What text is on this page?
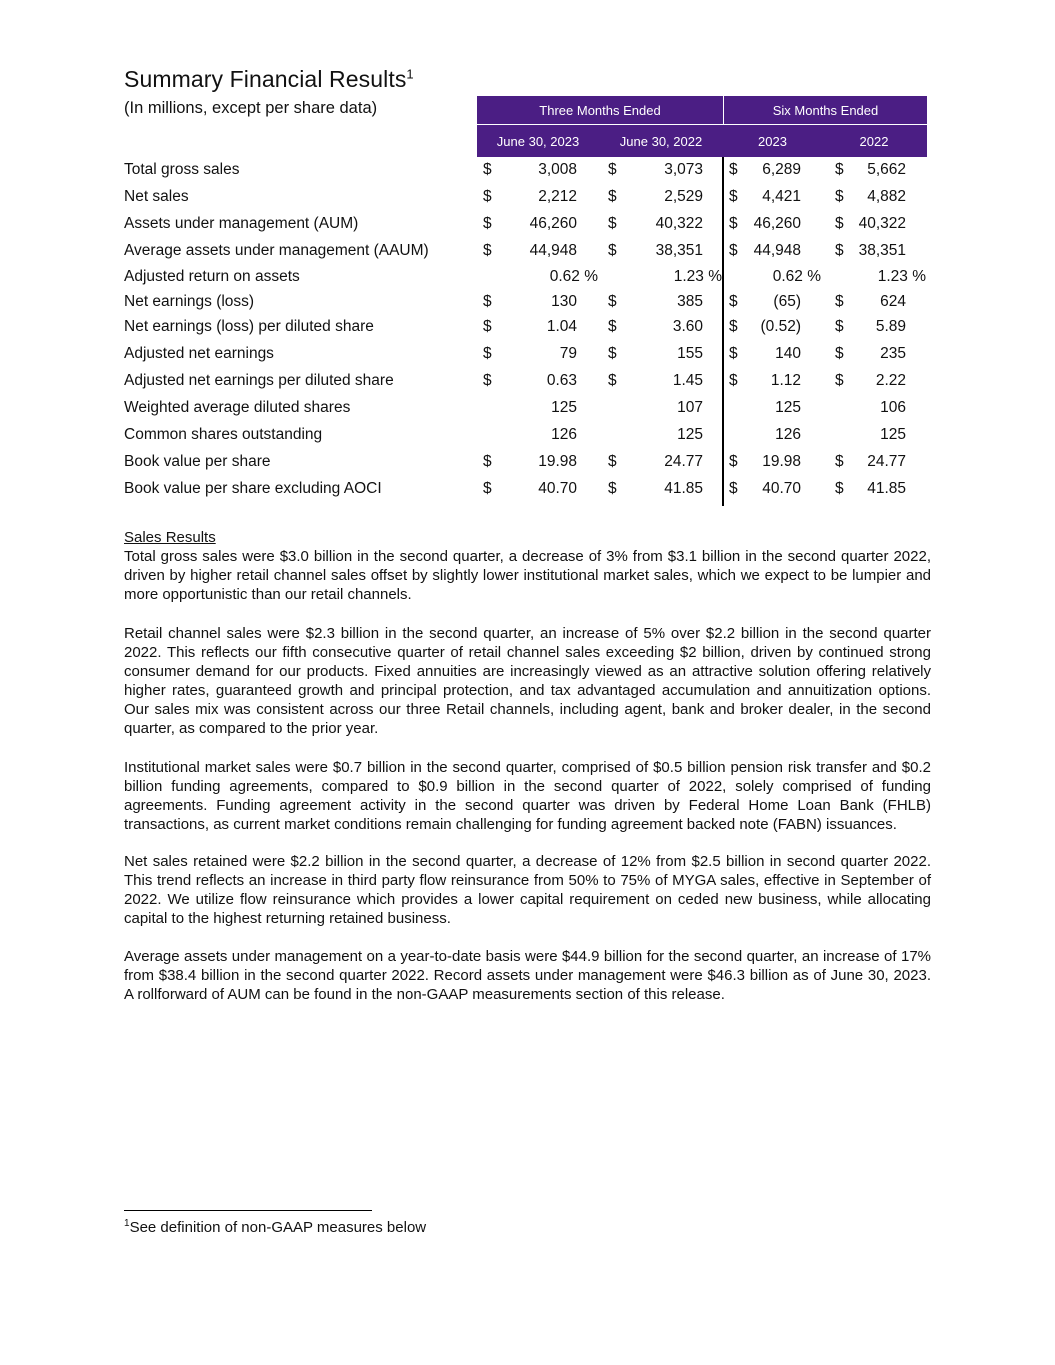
Summary Financial Results$^1$
(In millions, except per share data)	Three Months Ended	Six Months Ended
June 30, 2023	June 30, 2022	2023	2022
Total gross sales	$	3,008 $	3,073 $ 6,289 $ 5,662
Net sales	$	2,212 $	2,529 $ 4,421 $ 4,882
Assets under management (AUM)	$ 46,260 $	40,322 $ 46,260 $ 40,322
Average assets under management (AAUM)	$ 44,948 $	38,351 $ 44,948 $ 38,351
Adjusted return on assets	0.62 %	1.23 %	0.62 %	1.23 %
Net earnings (loss)	$	130 $	385 $ (65) $ 624
Net earnings (loss) per diluted share	$	1.04 $	3.60 $ (0.52) $ 5.89
Adjusted net earnings	$	79 $	155 $ 140 $ 235
Adjusted net earnings per diluted share	$	0.63 $	1.45 $ 1.12 $ 2.22
Weighted average diluted shares	125	107	125	106
Common shares outstanding	126	125	126	125
Book value per share	$	19.98 $	24.77 $ 19.98 $ 24.77
Book value per share excluding AOCI	$	40.70 $	41.85 $ 40.70 $ 41.85
Sales Results
Total gross sales were $3.0 billion in the second quarter, a decrease of 3% from $3.1 billion in the second quarter 2022, driven by higher retail channel sales offset by slightly lower institutional market sales, which we expect to be lumpier and more opportunistic than our retail channels.
Retail channel sales were $2.3 billion in the second quarter, an increase of 5% over $2.2 billion in the second quarter 2022. This reflects our fifth consecutive quarter of retail channel sales exceeding $2 billion, driven by continued strong consumer demand for our products. Fixed annuities are increasingly viewed as an attractive solution offering relatively higher rates, guaranteed growth and principal protection, and tax advantaged accumulation and annuitization options. Our sales mix was consistent across our three Retail channels, including agent, bank and broker dealer, in the second quarter, as compared to the prior year.
Institutional market sales were $0.7 billion in the second quarter, comprised of $0.5 billion pension risk transfer and $0.2 billion funding agreements, compared to $0.9 billion in the second quarter of 2022, solely comprised of funding agreements. Funding agreement activity in the second quarter was driven by Federal Home Loan Bank (FHLB) transactions, as current market conditions remain challenging for funding agreement backed note (FABN) issuances.
Net sales retained were $2.2 billion in the second quarter, a decrease of 12% from $2.5 billion in second quarter 2022. This trend reflects an increase in third party flow reinsurance from 50% to 75% of MYGA sales, effective in September of 2022. We utilize flow reinsurance which provides a lower capital requirement on ceded new business, while allocating capital to the highest returning retained business.
Average assets under management on a year-to-date basis were $44.9 billion for the second quarter, an increase of 17% from $38.4 billion in the second quarter 2022. Record assets under management were $46.3 billion as of June 30, 2023. A rollforward of AUM can be found in the non-GAAP measurements section of this release.
$^1$See definition of non-GAAP measures below
